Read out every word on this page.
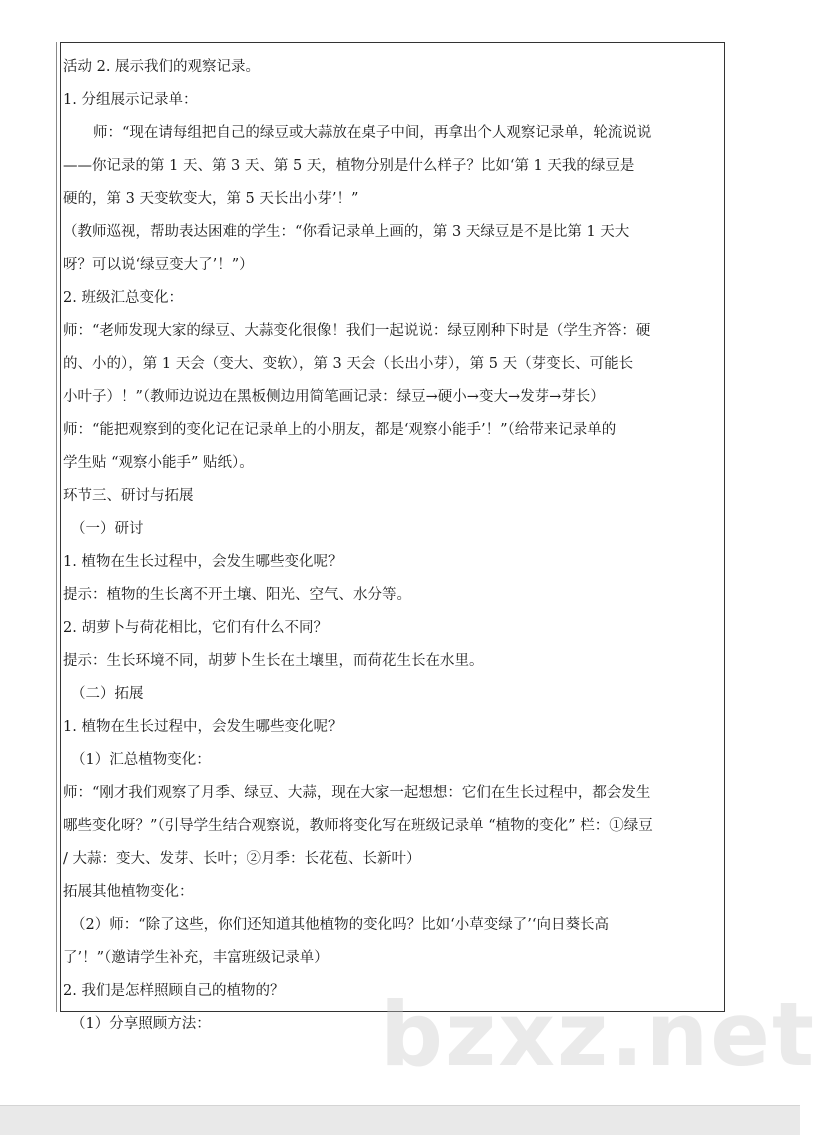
活动 2. 展示我们的观察记录。
1. 分组展示记录单：
师：“现在请每组把自己的绿豆或大蒜放在桌子中间，再拿出个人观察记录单，轮流说说
——你记录的第 1 天、第 3 天、第 5 天，植物分别是什么样子？比如‘第 1 天我的绿豆是
硬的，第 3 天变软变大，第 5 天长出小芽’！”
（教师巡视，帮助表达困难的学生：“你看记录单上画的，第 3 天绿豆是不是比第 1 天大
呀？可以说‘绿豆变大了’！”）
2. 班级汇总变化：
师：“老师发现大家的绿豆、大蒜变化很像！我们一起说说：绿豆刚种下时是（学生齐答：硬
的、小的），第 1 天会（变大、变软），第 3 天会（长出小芽），第 5 天（芽变长、可能长
小叶子）！”（教师边说边在黑板侧边用简笔画记录：绿豆→硬小→变大→发芽→芽长）
师：“能把观察到的变化记在记录单上的小朋友，都是‘观察小能手’！”（给带来记录单的
学生贴 “观察小能手” 贴纸）。
环节三、研讨与拓展
（一）研讨
1. 植物在生长过程中，会发生哪些变化呢？
提示：植物的生长离不开土壤、阳光、空气、水分等。
2. 胡萝卜与荷花相比，它们有什么不同？
提示：生长环境不同，胡萝卜生长在土壤里，而荷花生长在水里。
（二）拓展
1. 植物在生长过程中，会发生哪些变化呢？
（1）汇总植物变化：
师：“刚才我们观察了月季、绿豆、大蒜，现在大家一起想想：它们在生长过程中，都会发生
哪些变化呀？”（引导学生结合观察说，教师将变化写在班级记录单 “植物的变化” 栏：①绿豆
/ 大蒜：变大、发芽、长叶；②月季：长花苞、长新叶）
拓展其他植物变化：
（2）师：“除了这些，你们还知道其他植物的变化吗？比如‘小草变绿了’‘向日葵长高
了’！”（邀请学生补充，丰富班级记录单）
2. 我们是怎样照顾自己的植物的？
（1）分享照顾方法：	bzxz.net
